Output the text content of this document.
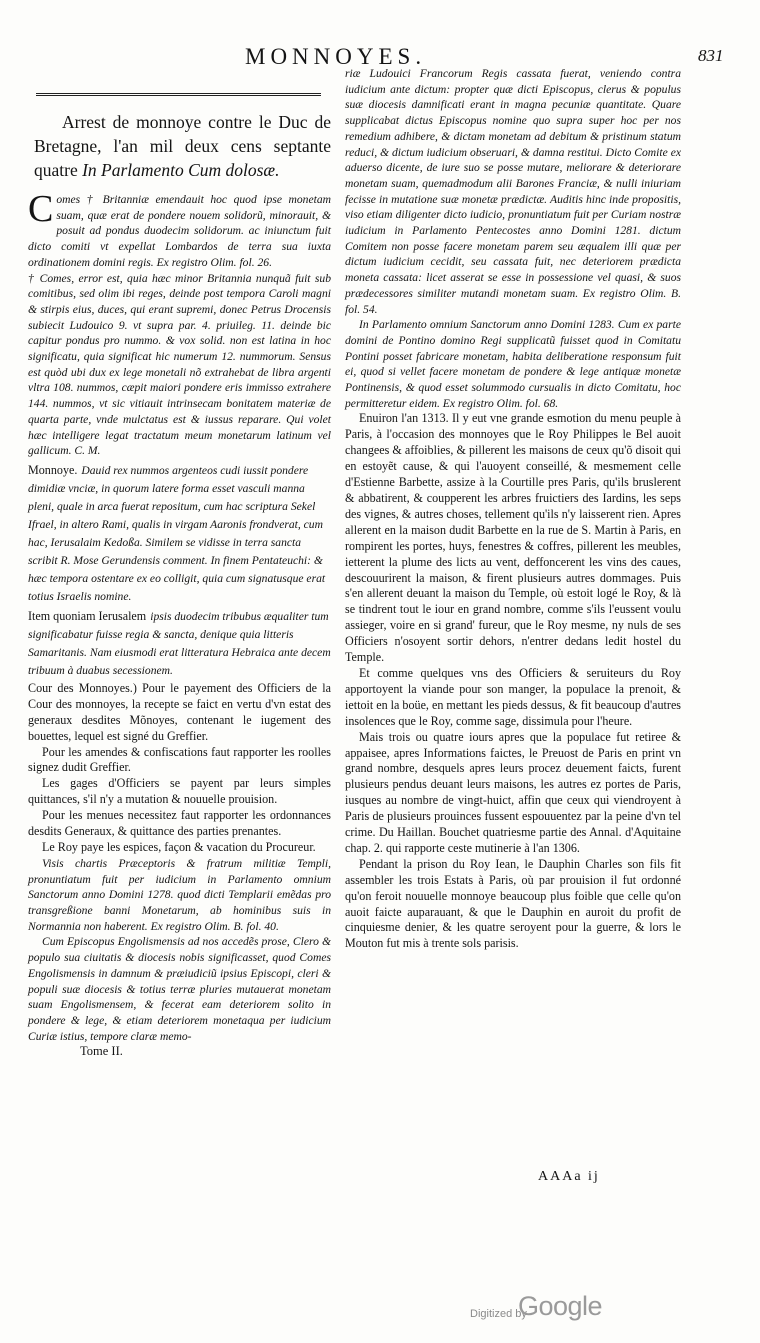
MONNOYES.	831
Arrest de monnoye contre le Duc de Bretagne, l'an mil deux cens septante quatre In Parlamento Cum dolosæ.

Comes † Britanniæ emendauit hoc quod ipse monetam suam, quæ erat de pondere nouem solidorũ, minorauit, & posuit ad pondus duodecim solidorum. ac iniunctum fuit dicto comiti vt expellat Lombardos de terra sua iuxta ordinationem domini regis. Ex registro Olim. fol. 26.

† Comes, error est, quia hæc minor Britannia nunquã fuit sub comitibus, sed olim ibi reges, deinde post tempora Caroli magni & stirpis eius, duces, qui erant supremi, donec Petrus Drocensis subiecit Ludouico 9. vt supra par. 4. priuileg. 11. deinde bic capitur pondus pro nummo. & vox solid. non est latina in hoc significatu, quia significat hic numerum 12. nummorum. Sensus est quòd ubi dux ex lege monetali nõ extrahebat de libra argenti vltra 108. nummos, cæpit maiori pondere eris immisso extrahere 144. nummos, vt sic vitiauit intrinsecam bonitatem materiæ de quarta parte, vnde mulctatus est & iussus reparare. Qui volet hæc intelligere legat tractatum meum monetarum latinum vel gallicum. C. M.

Monnoye. Dauid rex nummos argenteos cudi iussit pondere dimidiæ vnciæ, in quorum latere forma esset vasculi manna pleni, quale in arca fuerat repositum, cum hac scriptura Sekel Ifrael, in altero Rami, qualis in virgam Aaronis frondverat, cum hac, Ierusalaim Kedoßa. Similem se vidisse in terra sancta scribit R. Mose Gerundensis comment. In finem Pentateuchi: & hæc tempora ostentare ex eo colligit, quia cum signatusque erat totius Israelis nomine.

Item quoniam Ierusalem ipsis duodecim tribubus æqualiter tum significabatur fuisse regia & sancta, denique quia litteris Samaritanis. Nam eiusmodi erat litteratura Hebraica ante decem tribuum à duabus secessionem.

Cour des Monnoyes.) Pour le payement des Officiers de la Cour des monnoyes, la recepte se faict en vertu d'vn estat des generaux desdites Mõnoyes, contenant le iugement des bouettes, lequel est signé du Greffier.

Pour les amendes & confiscations faut rapporter les roolles signez dudit Greffier.

Les gages d'Officiers se payent par leurs simples quittances, s'il n'y a mutation & nouuelle prouision.

Pour les menues necessitez faut rapporter les ordonnances desdits Generaux, & quittance des parties prenantes.

Le Roy paye les espices, façon & vacation du Procureur.

Visis chartis Præceptoris & fratrum militiæ Templi, pronuntiatum fuit per iudicium in Parlamento omnium Sanctorum anno Domini 1278. quod dicti Templarii emẽdas pro transgreßione banni Monetarum, ab hominibus suis in Normannia non haberent. Ex registro Olim. B. fol. 40.

Cum Episcopus Engolismensis ad nos accedẽs prose, Clero & populo sua ciuitatis & diocesis nobis significasset, quod Comes Engolismensis in damnum & præiudiciũ ipsius Episcopi, cleri & populi suæ diocesis & totius terræ pluries mutauerat monetam suam Engolismensem, & fecerat eam deteriorem solito in pondere & lege, & etiam deteriorem monetaqua per iudicium Curiæ istius, tempore claræ memo-

Tome II.

riæ Ludouici Francorum Regis cassata fuerat, veniendo contra iudicium ante dictum: propter quæ dicti Episcopus, clerus & populus suæ diocesis damnificati erant in magna pecuniæ quantitate. Quare supplicabat dictus Episcopus nomine quo supra super hoc per nos remedium adhibere, & dictam monetam ad debitum & pristinum statum reduci, & dictum iudicium obseruari, & damna restitui. Dicto Comite ex aduerso dicente, de iure suo se posse mutare, meliorare & deteriorare monetam suam, quemadmodum alii Barones Franciæ, & nulli iniuriam fecisse in mutatione suæ monetæ prædictæ. Auditis hinc inde propositis, viso etiam diligenter dicto iudicio, pronuntiatum fuit per Curiam nostræ iudicium in Parlamento Pentecostes anno Domini 1281. dictum Comitem non posse facere monetam parem seu æqualem illi quæ per dictum iudicium cecidit, seu cassata fuit, nec deteriorem prædicta moneta cassata: licet asserat se esse in possessione vel quasi, & suos prædecessores similiter mutandi monetam suam. Ex registro Olim. B. fol. 54.

In Parlamento omnium Sanctorum anno Domini 1283. Cum ex parte domini de Pontino domino Regi supplicatũ fuisset quod in Comitatu Pontini posset fabricare monetam, habita deliberatione responsum fuit ei, quod si vellet facere monetam de pondere & lege antiquæ monetæ Pontinensis, & quod esset solummodo cursualis in dicto Comitatu, hoc permitteretur eidem. Ex registro Olim. fol. 68.

Enuiron l'an 1313. Il y eut vne grande esmotion du menu peuple à Paris, à l'occasion des monnoyes que le Roy Philippes le Bel auoit changees & affoiblies, & pillerent les maisons de ceux qu'õ disoit qui en estoyẽt cause, & qui l'auoyent conseillé, & mesmement celle d'Estienne Barbette, assize à la Courtille pres Paris, qu'ils bruslerent & abbatirent, & coupperent les arbres fruictiers des Iardins, les seps des vignes, & autres choses, tellement qu'ils n'y laisserent rien. Apres allerent en la maison dudit Barbette en la rue de S. Martin à Paris, en rompirent les portes, huys, fenestres & coffres, pillerent les meubles, ietterent la plume des licts au vent, deffoncerent les vins des caues, descouurirent la maison, & firent plusieurs autres dommages. Puis s'en allerent deuant la maison du Temple, où estoit logé le Roy, & là se tindrent tout le iour en grand nombre, comme s'ils l'eussent voulu assieger, voire en si grand' fureur, que le Roy mesme, ny nuls de ses Officiers n'osoyent sortir dehors, n'entrer dedans ledit hostel du Temple.

Et comme quelques vns des Officiers & seruiteurs du Roy apportoyent la viande pour son manger, la populace la prenoit, & iettoit en la boüe, en mettant les pieds dessus, & fit beaucoup d'autres insolences que le Roy, comme sage, dissimula pour l'heure.

Mais trois ou quatre iours apres que la populace fut retiree & appaisee, apres Informations faictes, le Preuost de Paris en print vn grand nombre, desquels apres leurs procez deuement faicts, furent plusieurs pendus deuant leurs maisons, les autres ez portes de Paris, iusques au nombre de vingt-huict, affin que ceux qui viendroyent à Paris de plusieurs prouinces fussent espouuentez par la peine d'vn tel crime. Du Haillan. Bouchet quatriesme partie des Annal. d'Aquitaine chap. 2. qui rapporte ceste mutinerie à l'an 1306.

Pendant la prison du Roy Iean, le Dauphin Charles son fils fit assembler les trois Estats à Paris, où par prouision il fut ordonné qu'on feroit nouuelle monnoye beaucoup plus foible que celle qu'on auoit faicte auparauant, & que le Dauphin en auroit du profit de cinquiesme denier, & les quatre seroyent pour la guerre, & lors le Mouton fut mis à trente sols parisis.

AAAa ij
Digitized by
Google
